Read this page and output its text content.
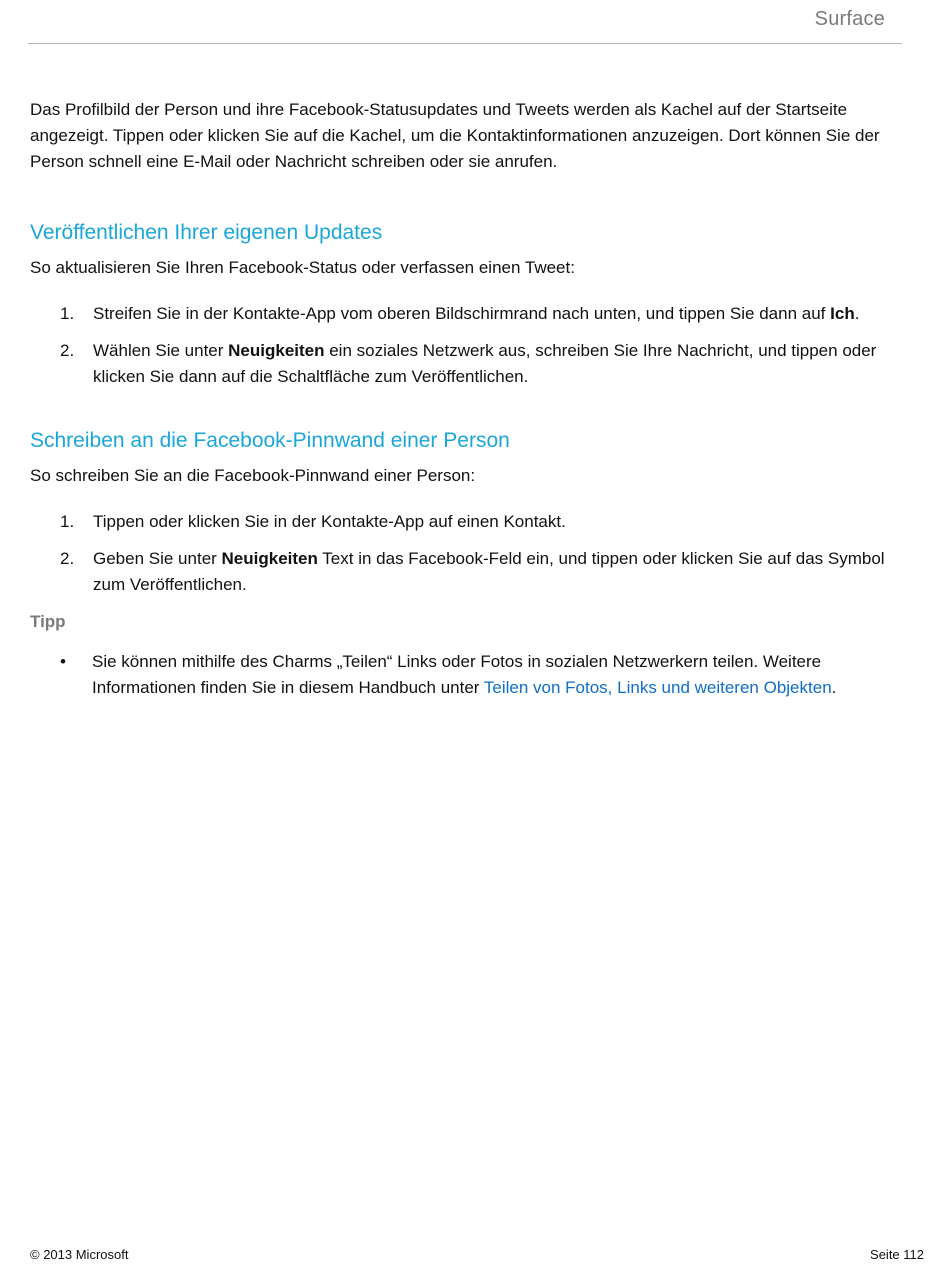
Surface

Das Profilbild der Person und ihre Facebook-Statusupdates und Tweets werden als Kachel auf der Startseite angezeigt. Tippen oder klicken Sie auf die Kachel, um die Kontaktinformationen anzuzeigen. Dort können Sie der Person schnell eine E-Mail oder Nachricht schreiben oder sie anrufen.

Veröffentlichen Ihrer eigenen Updates

So aktualisieren Sie Ihren Facebook-Status oder verfassen einen Tweet:

1. Streifen Sie in der Kontakte-App vom oberen Bildschirmrand nach unten, und tippen Sie dann auf Ich.
2. Wählen Sie unter Neuigkeiten ein soziales Netzwerk aus, schreiben Sie Ihre Nachricht, und tippen oder klicken Sie dann auf die Schaltfläche zum Veröffentlichen.
Schreiben an die Facebook-Pinnwand einer Person

So schreiben Sie an die Facebook-Pinnwand einer Person:

1. Tippen oder klicken Sie in der Kontakte-App auf einen Kontakt.
2. Geben Sie unter Neuigkeiten Text in das Facebook-Feld ein, und tippen oder klicken Sie auf das Symbol zum Veröffentlichen.

Tipp

• Sie können mithilfe des Charms „Teilen“ Links oder Fotos in sozialen Netzwerkern teilen. Weitere Informationen finden Sie in diesem Handbuch unter Teilen von Fotos, Links und weiteren Objekten.
© 2013 Microsoft	Seite 112
